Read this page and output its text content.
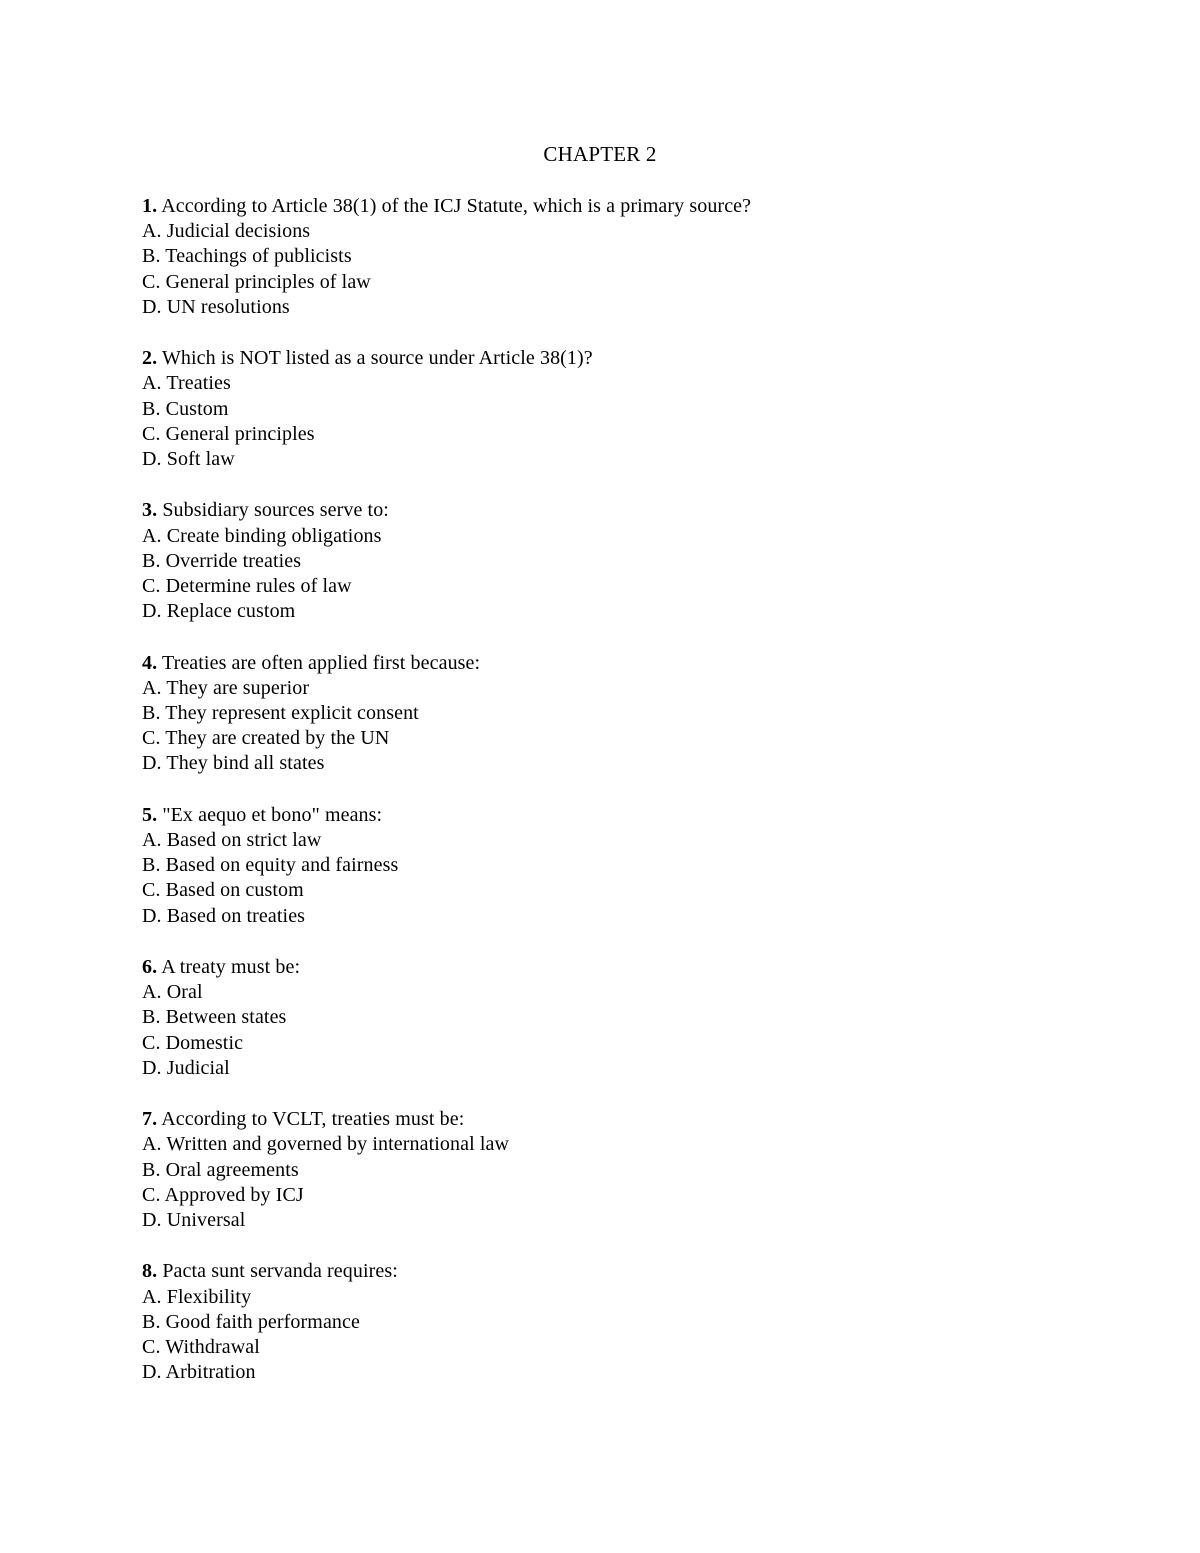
CHAPTER 2
1. According to Article 38(1) of the ICJ Statute, which is a primary source?
A. Judicial decisions
B. Teachings of publicists
C. General principles of law
D. UN resolutions
2. Which is NOT listed as a source under Article 38(1)?
A. Treaties
B. Custom
C. General principles
D. Soft law
3. Subsidiary sources serve to:
A. Create binding obligations
B. Override treaties
C. Determine rules of law
D. Replace custom
4. Treaties are often applied first because:
A. They are superior
B. They represent explicit consent
C. They are created by the UN
D. They bind all states
5. "Ex aequo et bono" means:
A. Based on strict law
B. Based on equity and fairness
C. Based on custom
D. Based on treaties
6. A treaty must be:
A. Oral
B. Between states
C. Domestic
D. Judicial
7. According to VCLT, treaties must be:
A. Written and governed by international law
B. Oral agreements
C. Approved by ICJ
D. Universal
8. Pacta sunt servanda requires:
A. Flexibility
B. Good faith performance
C. Withdrawal
D. Arbitration
